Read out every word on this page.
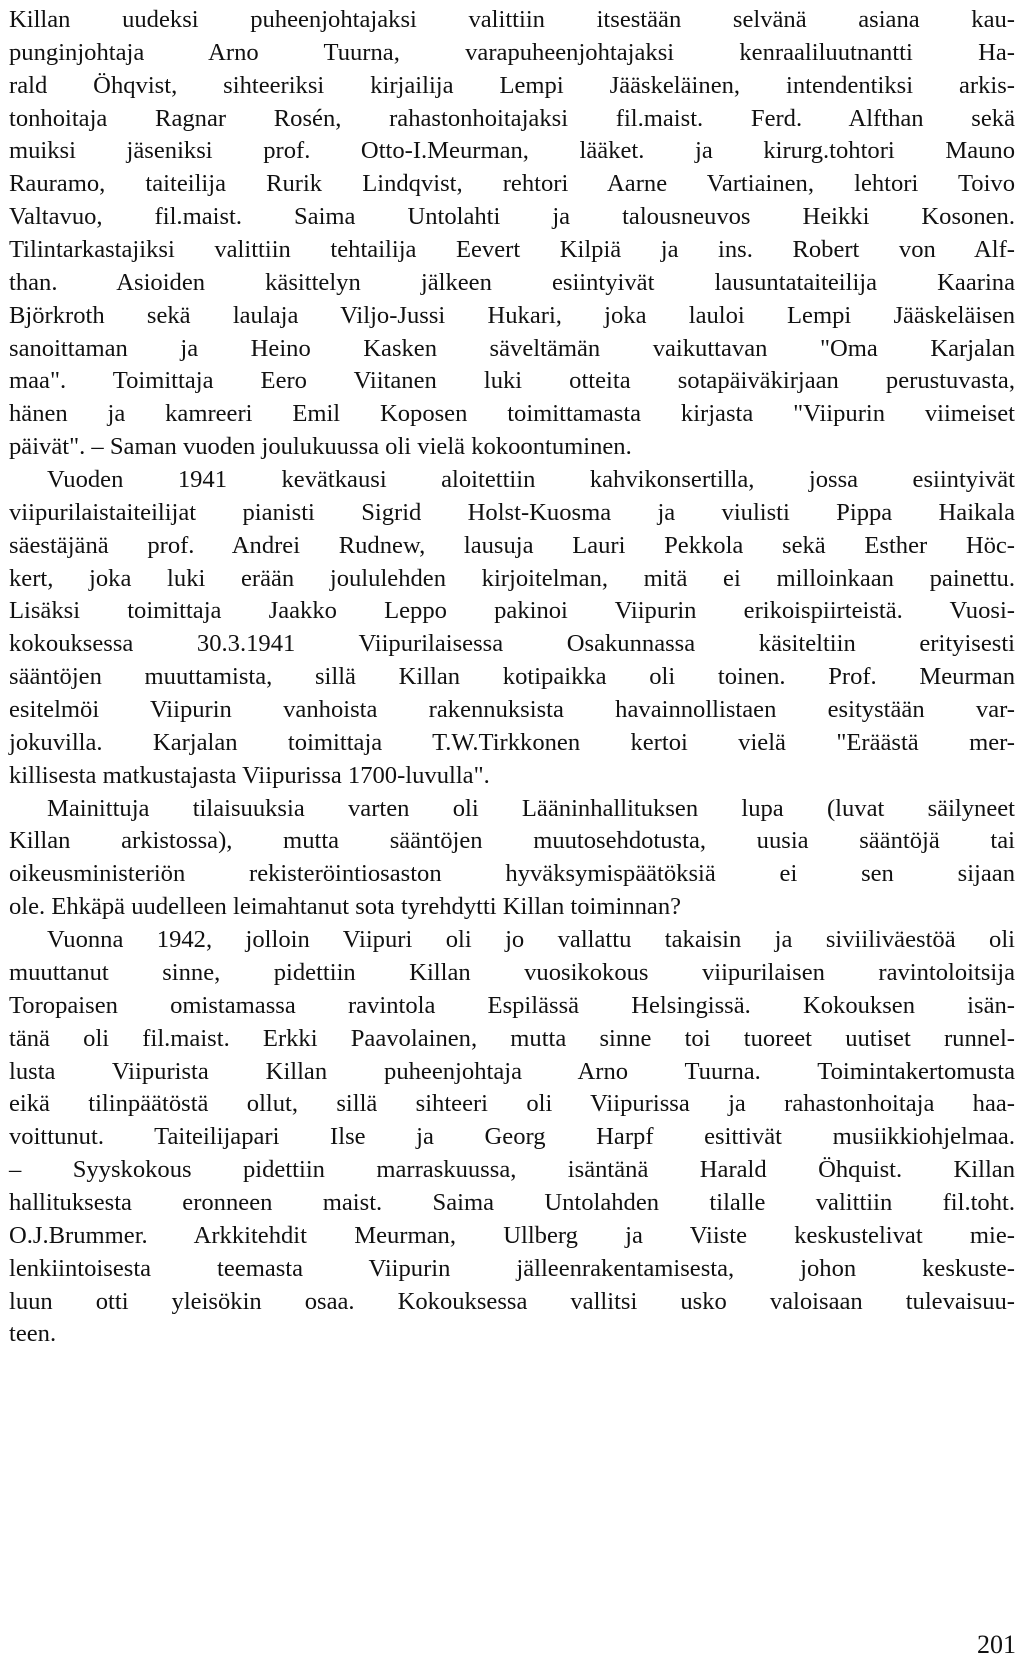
Killan uudeksi puheenjohtajaksi valittiin itsestään selvänä asiana kau-
punginjohtaja Arno Tuurna, varapuheenjohtajaksi kenraaliluutnantti Ha-
rald Öhqvist, sihteeriksi kirjailija Lempi Jääskeläinen, intendentiksi arkis-
tonhoitaja Ragnar Rosén, rahastonhoitajaksi fil.maist. Ferd. Alfthan sekä
muiksi jäseniksi prof. Otto-I.Meurman, lääket. ja kirurg.tohtori Mauno
Rauramo, taiteilija Rurik Lindqvist, rehtori Aarne Vartiainen, lehtori Toivo
Valtavuo, fil.maist. Saima Untolahti ja talousneuvos Heikki Kosonen.
Tilintarkastajiksi valittiin tehtailija Eevert Kilpiä ja ins. Robert von Alf-
than. Asioiden käsittelyn jälkeen esiintyivät lausuntataiteilija Kaarina
Björkroth sekä laulaja Viljo-Jussi Hukari, joka lauloi Lempi Jääskeläisen
sanoittaman ja Heino Kasken säveltämän vaikuttavan "Oma Karjalan
maa". Toimittaja Eero Viitanen luki otteita sotapäiväkirjaan perustuvasta,
hänen ja kamreeri Emil Koposen toimittamasta kirjasta "Viipurin viimeiset
päivät". – Saman vuoden joulukuussa oli vielä kokoontuminen.
Vuoden 1941 kevätkausi aloitettiin kahvikonsertilla, jossa esiintyivät
viipurilaistaiteilijat pianisti Sigrid Holst-Kuosma ja viulisti Pippa Haikala
säestäjänä prof. Andrei Rudnew, lausuja Lauri Pekkola sekä Esther Höc-
kert, joka luki erään joululehden kirjoitelman, mitä ei milloinkaan painettu.
Lisäksi toimittaja Jaakko Leppo pakinoi Viipurin erikoispiirteistä. Vuosi-
kokouksessa 30.3.1941 Viipurilaisessa Osakunnassa käsiteltiin erityisesti
sääntöjen muuttamista, sillä Killan kotipaikka oli toinen. Prof. Meurman
esitelmöi Viipurin vanhoista rakennuksista havainnollistaen esitystään var-
jokuvilla. Karjalan toimittaja T.W.Tirkkonen kertoi vielä "Eräästä mer-
killisesta matkustajasta Viipurissa 1700-luvulla".
Mainittuja tilaisuuksia varten oli Lääninhallituksen lupa (luvat säilyneet
Killan arkistossa), mutta sääntöjen muutosehdotusta, uusia sääntöjä tai
oikeusministeriön rekisteröintiosaston hyväksymispäätöksiä ei sen sijaan
ole. Ehkäpä uudelleen leimahtanut sota tyrehdytti Killan toiminnan?
Vuonna 1942, jolloin Viipuri oli jo vallattu takaisin ja siviiliväestöä oli
muuttanut sinne, pidettiin Killan vuosikokous viipurilaisen ravintoloitsija
Toropaisen omistamassa ravintola Espilässä Helsingissä. Kokouksen isän-
tänä oli fil.maist. Erkki Paavolainen, mutta sinne toi tuoreet uutiset runnel-
lusta Viipurista Killan puheenjohtaja Arno Tuurna. Toimintakertomusta
eikä tilinpäätöstä ollut, sillä sihteeri oli Viipurissa ja rahastonhoitaja haa-
voittunut. Taiteilijapari Ilse ja Georg Harpf esittivät musiikkiohjelmaa.
– Syyskokous pidettiin marraskuussa, isäntänä Harald Öhquist. Killan
hallituksesta eronneen maist. Saima Untolahden tilalle valittiin fil.toht.
O.J.Brummer. Arkkitehdit Meurman, Ullberg ja Viiste keskustelivat mie-
lenkiintoisesta teemasta Viipurin jälleenrakentamisesta, johon keskuste-
luun otti yleisökin osaa. Kokouksessa vallitsi usko valoisaan tulevaisuu-
teen.
201
